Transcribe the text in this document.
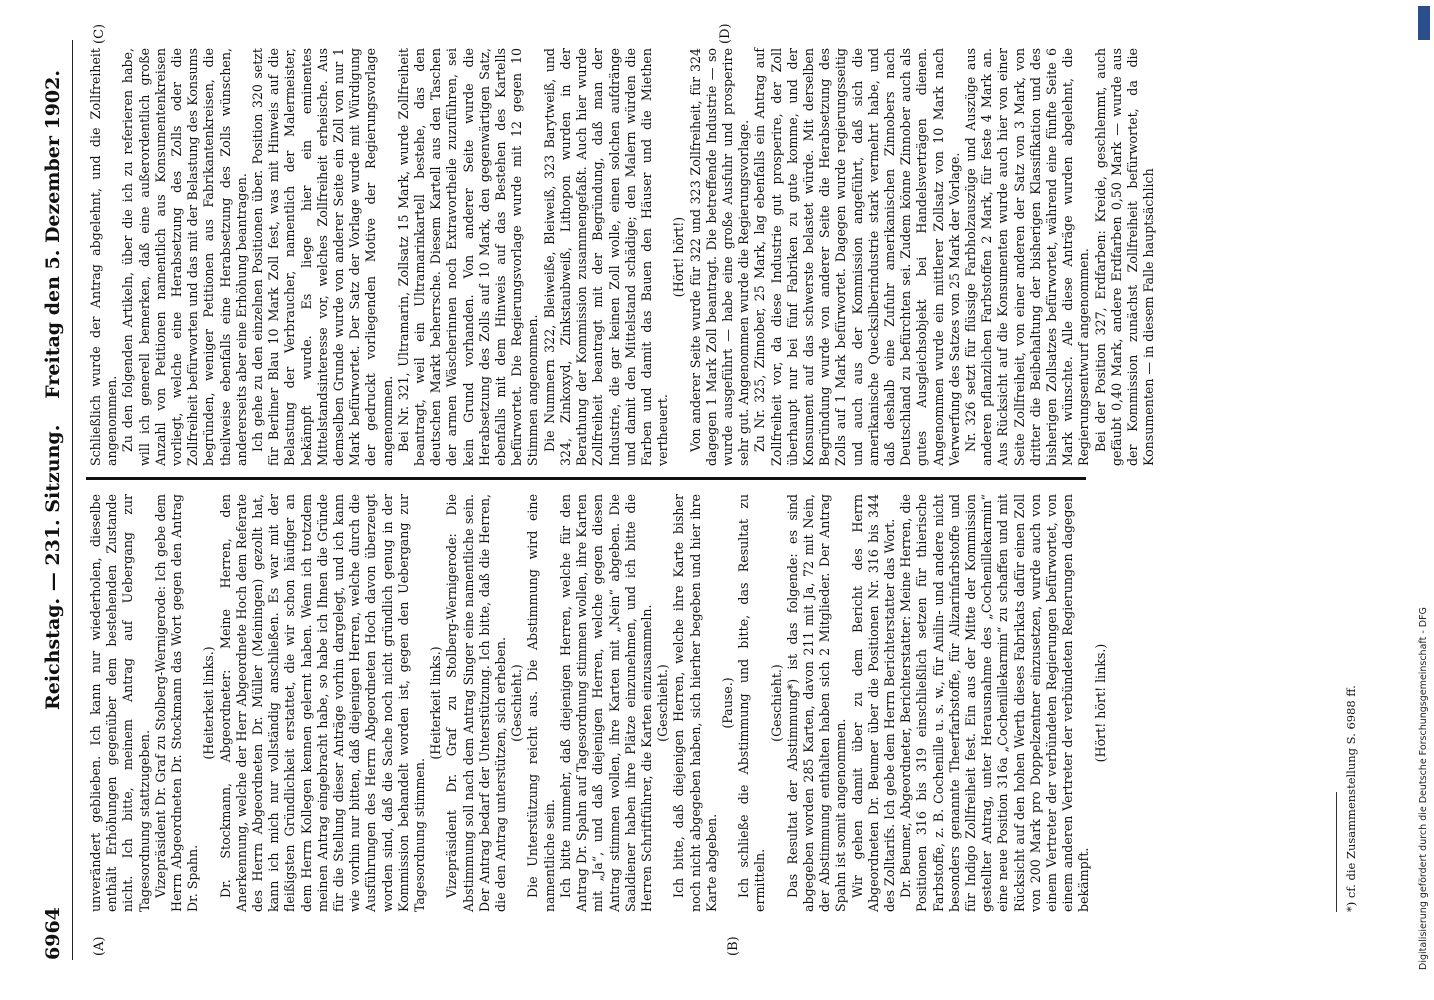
6964
Reichstag. — 231. Sitzung.
Freitag den 5. Dezember 1902.
(A)	(B)
(C)	(D)

unverändert geblieben. Ich kann nur wiederholen, dieselbe enthält Erhöhungen gegenüber dem bestehenden Zustande nicht. Ich bitte, meinem Antrag auf Uebergang zur Tagesordnung stattzugeben. Vizepräsident Dr. Graf zu Stolberg-Wernigerode: Ich gebe dem Herrn Abgeordneten Dr. Stockmann das Wort gegen den Antrag Dr. Spahn.

(Heiterkeit links.) Dr. Stockmann, Abgeordneter: Meine Herren, den Anerkennung, welche der Herr Abgeordnete Hoch dem Referate des Herrn Abgeordneten Dr. Müller (Meiningen) gezollt hat, kann ich mich nur vollständig anschließen. Es war mit der fleißigsten Gründlichkeit erstattet, die wir schon häufiger an dem Herrn Kollegen kennen gelernt haben. Wenn ich trotzdem meinen Antrag eingebracht habe, so habe ich Ihnen die Gründe für die Stellung dieser Anträge vorhin dargelegt, und ich kann wie vorhin nur bitten, daß diejenigen Herren, welche durch die Ausführungen des Herrn Abgeordneten Hoch davon überzeugt worden sind, daß die Sache noch nicht gründlich genug in der Kommission behandelt worden ist, gegen den Uebergang zur Tagesordnung stimmen.

(Heiterkeit links.) Vizepräsident Dr. Graf zu Stolberg-Wernigerode: Die Abstimmung soll nach dem Antrag Singer eine namentliche sein. Der Antrag bedarf der Unterstützung. Ich bitte, daß die Herren, die den Antrag unterstützen, sich erheben. (Geschieht.) Die Unterstützung reicht aus. Die Abstimmung wird eine namentliche sein. Ich bitte nunmehr, daß diejenigen Herren, welche für den Antrag Dr. Spahn auf Tagesordnung stimmen wollen, ihre Karten mit „Ja“, und daß diejenigen Herren, welche gegen diesen Antrag stimmen wollen, ihre Karten mit „Nein“ abgeben. Die Saaldiener haben ihre Plätze einzunehmen, und ich bitte die Herren Schriftführer, die Karten einzusammeln. (Geschieht.) Ich bitte, daß diejenigen Herren, welche ihre Karte bisher noch nicht abgegeben haben, sich hierher begeben und hier ihre Karte abgeben.

(Pause.) Ich schließe die Abstimmung und bitte, das Resultat zu ermitteln.

(Geschieht.) Das Resultat der Abstimmung*) ist das folgende: es sind abgegeben worden 285 Karten, davon 211 mit Ja, 72 mit Nein, der Abstimmung enthalten haben sich 2 Mitglieder. Der Antrag Spahn ist somit angenommen. Wir gehen damit über zu dem Bericht des Herrn Abgeordneten Dr. Beumer über die Positionen Nr. 316 bis 344 des Zolltarifs. Ich gebe dem Herrn Berichterstatter das Wort. Dr. Beumer, Abgeordneter, Berichterstatter: Meine Herren, die Positionen 316 bis 319 einschließlich setzen für thierische Farbstoffe, z. B. Cochenille u. s. w., für Anilin- und andere nicht besonders genannte Theerfarbstoffe, für Alizarinfarbstoffe und für Indigo Zollfreiheit fest. Ein aus der Mitte der Kommission gestellter Antrag, unter Herausnahme des „Cochenillekarmin“ eine neue Position 316a „Cochenillekarmin“ zu schaffen und mit Rücksicht auf den hohen Werth dieses Fabrikats dafür einen Zoll von 200 Mark pro Doppelzentner einzusetzen, wurde auch von einem Vertreter der verbündeten Regierungen befürwortet, von einem anderen Vertreter der verbündeten Regierungen dagegen bekämpft.

(Hört! hört! links.)

Schließlich wurde der Antrag abgelehnt, und die Zollfreiheit angenommen. Zu den folgenden Artikeln, über die ich zu referieren habe, will ich generell bemerken, daß eine außerordentlich große Anzahl von Petitionen namentlich aus Konsumentenkreisen vorliegt, welche eine Herabsetzung des Zolls oder die Zollfreiheit befürworten und das mit der Belastung des Konsums begründen, weniger Petitionen aus Fabrikantenkreisen, die theilweise ebenfalls eine Herabsetzung des Zolls wünschen, andererseits aber eine Erhöhung beantragen. Ich gehe zu den einzelnen Positionen über. Position 320 setzt für Berliner Blau 10 Mark Zoll fest, was mit Hinweis auf die Belastung der Verbraucher, namentlich der Malermeister, bekämpft wurde. Es liege hier ein eminentes Mittelstandsinteresse vor, welches Zollfreiheit erheische. Aus demselben Grunde wurde von anderer Seite ein Zoll von nur 1 Mark befürwortet. Der Satz der Vorlage wurde mit Würdigung der gedruckt vorliegenden Motive der Regierungsvorlage angenommen. Bei Nr. 321, Ultramarin, Zollsatz 15 Mark, wurde Zollfreiheit beantragt, weil ein Ultramarinkartell bestehe, das den deutschen Markt beherrsche. Diesem Kartell aus den Taschen der armen Wäscherinnen noch Extravortheile zuzuführen, sei kein Grund vorhanden. Von anderer Seite wurde die Herabsetzung des Zolls auf 10 Mark, den gegenwärtigen Satz, ebenfalls mit dem Hinweis auf das Bestehen des Kartells befürwortet. Die Regierungsvorlage wurde mit 12 gegen 10 Stimmen angenommen. Die Nummern 322, Bleiweiße, Bleiweiß, 323 Barytweiß, und 324, Zinkoxyd, Zinkstaubweiß, Lithopon wurden in der Berathung der Kommission zusammengefaßt. Auch hier wurde Zollfreiheit beantragt mit der Begründung, daß man der Industrie, die gar keinen Zoll wolle, einen solchen aufdränge und damit den Mittelstand schädige; den Malern würden die Farben und damit das Bauen den Häuser und die Miethen vertheuert.

(Hört! hört!) Von anderer Seite wurde für 322 und 323 Zollfreiheit, für 324 dagegen 1 Mark Zoll beantragt. Die betreffende Industrie — so wurde ausgeführt — habe eine große Ausfuhr und prosperire sehr gut. Angenommen wurde die Regierungsvorlage. Zu Nr. 325, Zinnober, 25 Mark, lag ebenfalls ein Antrag auf Zollfreiheit vor, da diese Industrie gut prosperire, der Zoll überhaupt nur bei fünf Fabriken zu gute komme, und der Konsument auf das schwerste belastet würde. Mit derselben Begründung wurde von anderer Seite die Herabsetzung des Zolls auf 1 Mark befürwortet. Dagegen wurde regierungsseitig und auch aus der Kommission angeführt, daß sich die amerikanische Quecksilberindustrie stark vermehrt habe, und daß deshalb eine Zufuhr amerikanischen Zinnobers nach Deutschland zu befürchten sei. Zudem könne Zinnober auch als gutes Ausgleichsobjekt bei Handelsverträgen dienen. Angenommen wurde ein mittlerer Zollsatz von 10 Mark nach Verwerfung des Satzes von 25 Mark der Vorlage. Nr. 326 setzt für flüssige Farbholzauszüge und Auszüge aus anderen pflanzlichen Farbstoffen 2 Mark, für feste 4 Mark an. Aus Rücksicht auf die Konsumenten wurde auch hier von einer Seite Zollfreiheit, von einer anderen der Satz von 3 Mark, von dritter die Beibehaltung der bisherigen Klassifikation und des bisherigen Zollsatzes befürwortet, während eine fünfte Seite 6 Mark wünschte. Alle diese Anträge wurden abgelehnt, die Regierungsentwurf angenommen. Bei der Position 327, Erdfarben: Kreide, geschlemmt, auch gefäubt 0,40 Mark, andere Erdfarben 0,50 Mark — wurde aus der Kommission zunächst Zollfreiheit befürwortet, da die Konsumenten — in diesem Falle hauptsächlich

*) cf. die Zusammenstellung S. 6988 ff.	Digitalisierung gefördert durch die Deutsche Forschungsgemeinschaft - DFG
